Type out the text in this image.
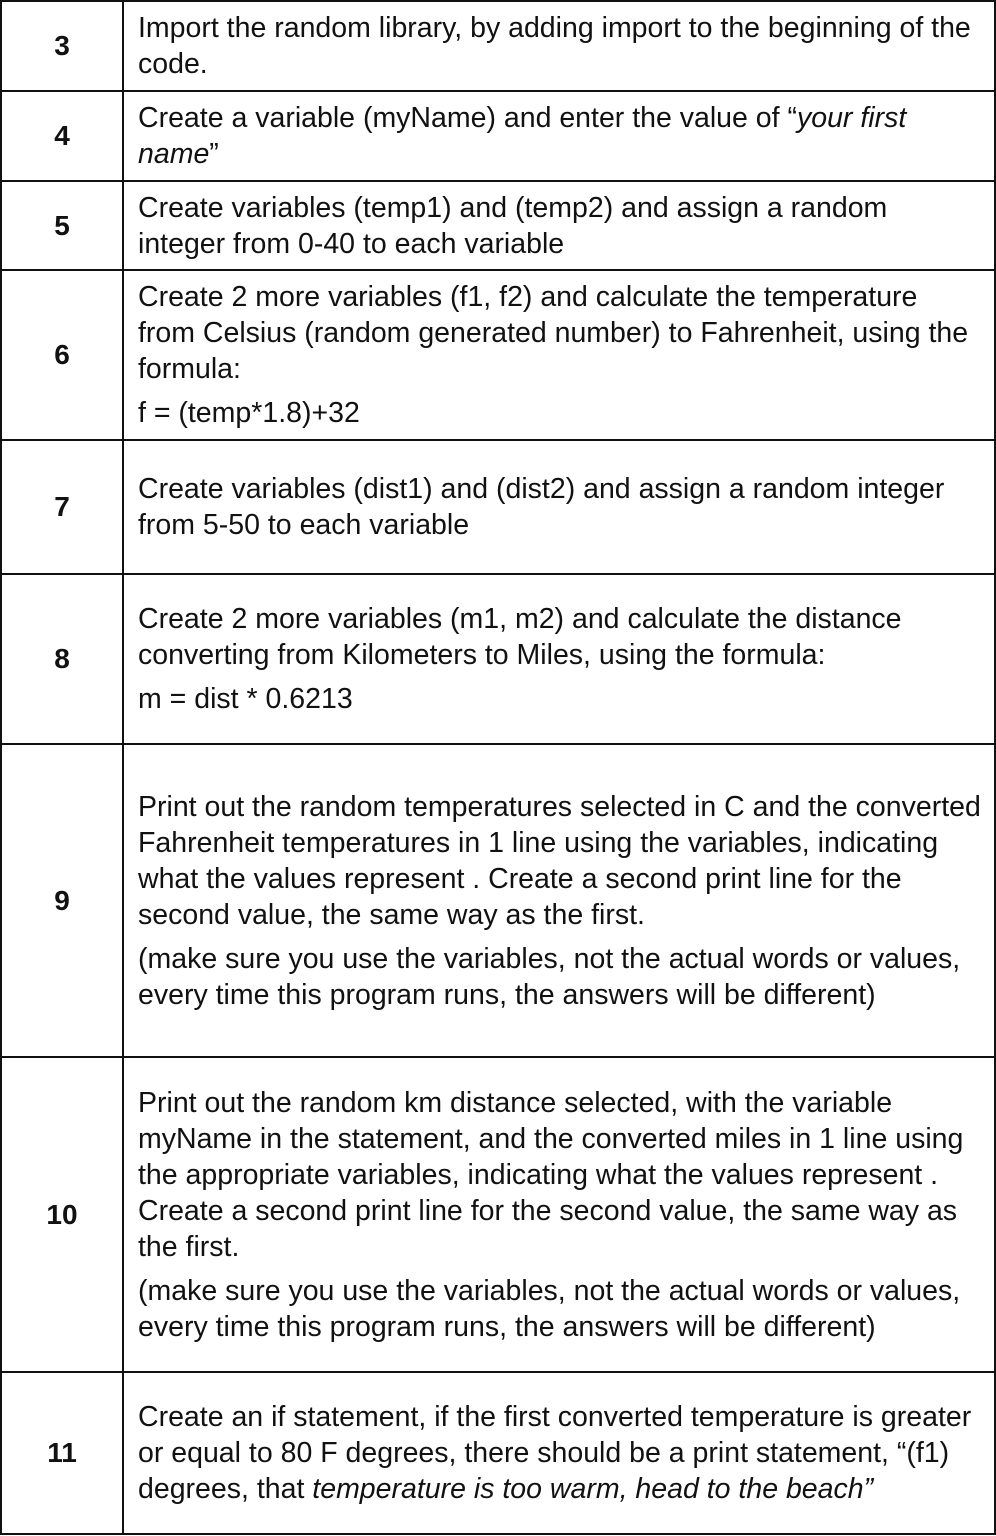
3	Import the random library, by adding import to the beginning of the code.

4	Create a variable (myName) and enter the value of “your first name”

5	Create variables (temp1) and (temp2) and assign a random integer from 0-40 to each variable

6	Create 2 more variables (f1, f2) and calculate the temperature from Celsius (random generated number) to Fahrenheit, using the formula:

f = (temp*1.8)+32

7	Create variables (dist1) and (dist2) and assign a random integer from 5-50 to each variable

8	Create 2 more variables (m1, m2) and calculate the distance converting from Kilometers to Miles, using the formula:

m = dist * 0.6213

9	Print out the random temperatures selected in C and the converted Fahrenheit temperatures in 1 line using the variables, indicating what the values represent . Create a second print line for the second value, the same way as the first.

(make sure you use the variables, not the actual words or values, every time this program runs, the answers will be different)

10	Print out the random km distance selected, with the variable myName in the statement, and the converted miles in 1 line using the appropriate variables, indicating what the values represent . Create a second print line for the second value, the same way as the first.

(make sure you use the variables, not the actual words or values, every time this program runs, the answers will be different)

11	Create an if statement, if the first converted temperature is greater or equal to 80 F degrees, there should be a print statement, “(f1) degrees, that temperature is too warm, head to the beach”
